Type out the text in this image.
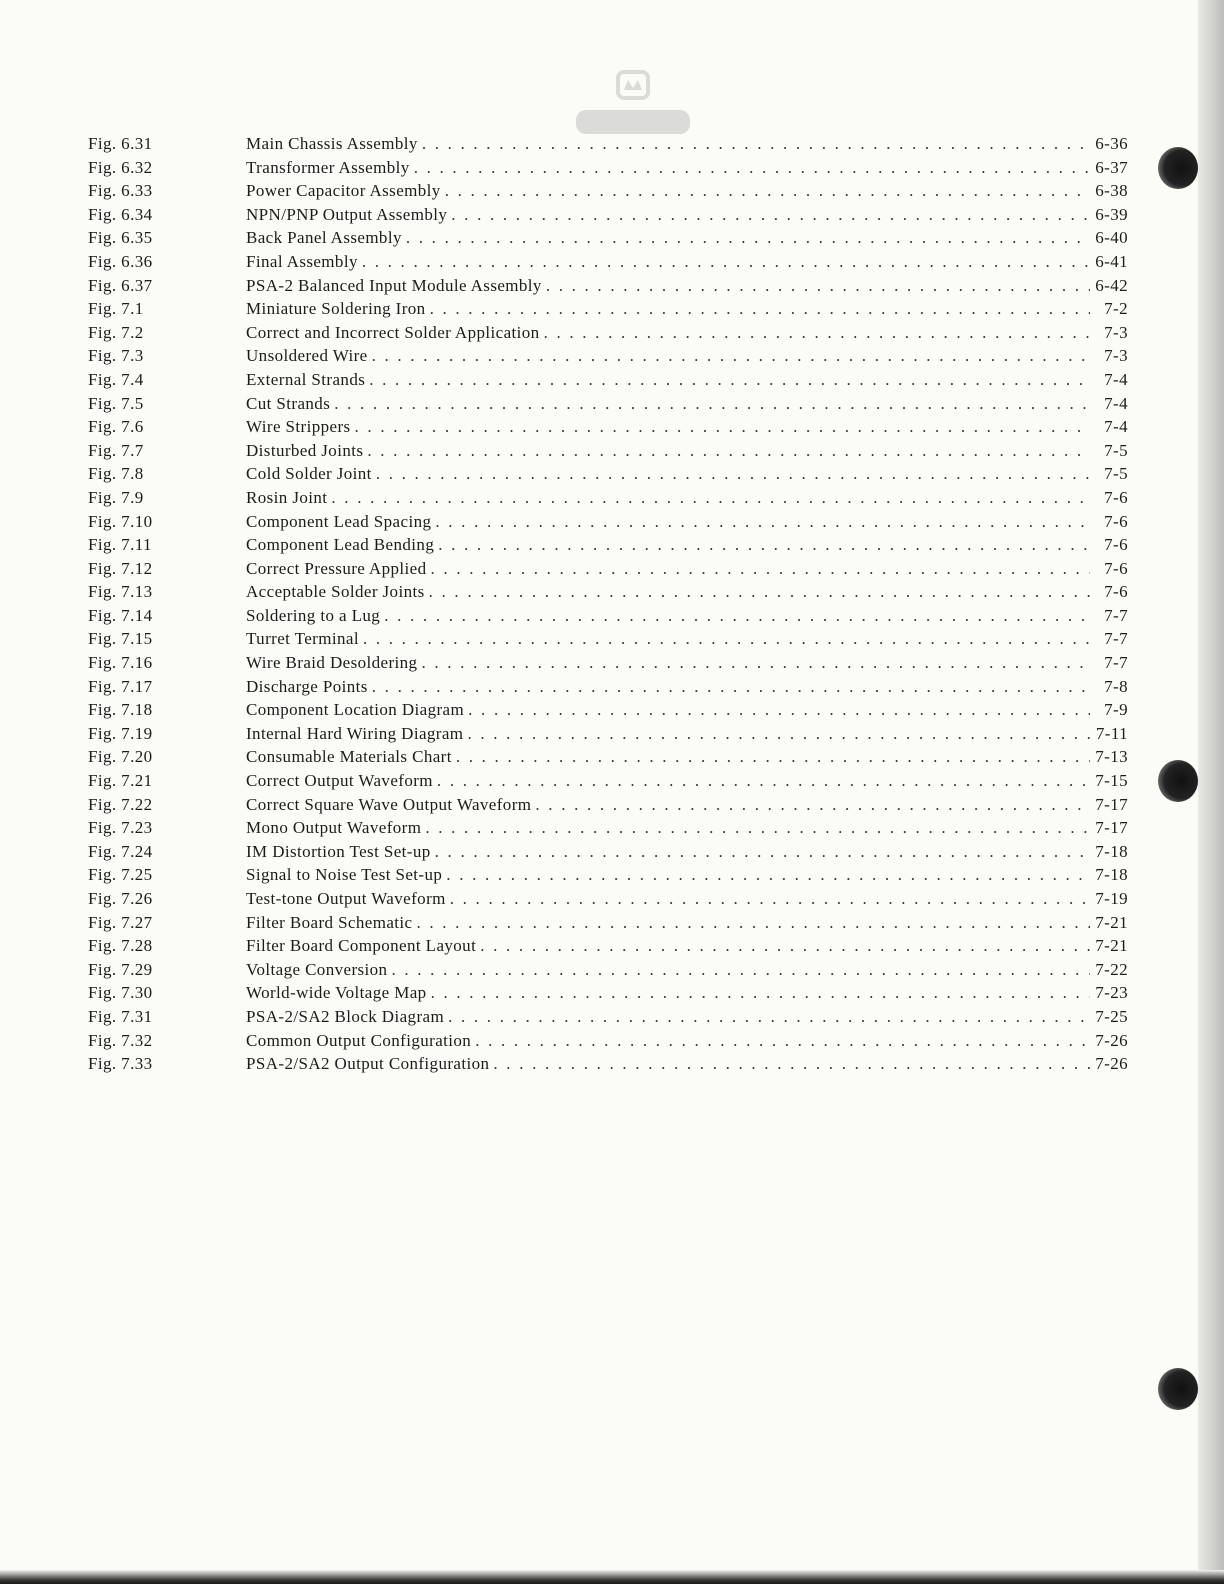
Fig. 6.31	Main Chassis Assembly . . .	6-36
Fig. 6.32	Transformer Assembly . . .	6-37
Fig. 6.33	Power Capacitor Assembly . . .	6-38
Fig. 6.34	NPN/PNP Output Assembly . . .	6-39
Fig. 6.35	Back Panel Assembly . . .	6-40
Fig. 6.36	Final Assembly . . .	6-41
Fig. 6.37	PSA-2 Balanced Input Module Assembly . . .	6-42
Fig. 7.1	Miniature Soldering Iron . . .	7-2
Fig. 7.2	Correct and Incorrect Solder Application . . .	7-3
Fig. 7.3	Unsoldered Wire . . .	7-3
Fig. 7.4	External Strands . . .	7-4
Fig. 7.5	Cut Strands . . .	7-4
Fig. 7.6	Wire Strippers . . .	7-4
Fig. 7.7	Disturbed Joints . . .	7-5
Fig. 7.8	Cold Solder Joint . . .	7-5
Fig. 7.9	Rosin Joint . . .	7-6
Fig. 7.10	Component Lead Spacing . . .	7-6
Fig. 7.11	Component Lead Bending . . .	7-6
Fig. 7.12	Correct Pressure Applied . . .	7-6
Fig. 7.13	Acceptable Solder Joints . . .	7-6
Fig. 7.14	Soldering to a Lug . . .	7-7
Fig. 7.15	Turret Terminal . . .	7-7
Fig. 7.16	Wire Braid Desoldering . . .	7-7
Fig. 7.17	Discharge Points . . .	7-8
Fig. 7.18	Component Location Diagram . . .	7-9
Fig. 7.19	Internal Hard Wiring Diagram . . .	7-11
Fig. 7.20	Consumable Materials Chart . . .	7-13
Fig. 7.21	Correct Output Waveform . . .	7-15
Fig. 7.22	Correct Square Wave Output Waveform . . .	7-17
Fig. 7.23	Mono Output Waveform . . .	7-17
Fig. 7.24	IM Distortion Test Set-up . . .	7-18
Fig. 7.25	Signal to Noise Test Set-up . . .	7-18
Fig. 7.26	Test-tone Output Waveform . . .	7-19
Fig. 7.27	Filter Board Schematic . . .	7-21
Fig. 7.28	Filter Board Component Layout . . .	7-21
Fig. 7.29	Voltage Conversion . . .	7-22
Fig. 7.30	World-wide Voltage Map . . .	7-23
Fig. 7.31	PSA-2/SA2 Block Diagram . . .	7-25
Fig. 7.32	Common Output Configuration . . .	7-26
Fig. 7.33	PSA-2/SA2 Output Configuration . . .	7-26
